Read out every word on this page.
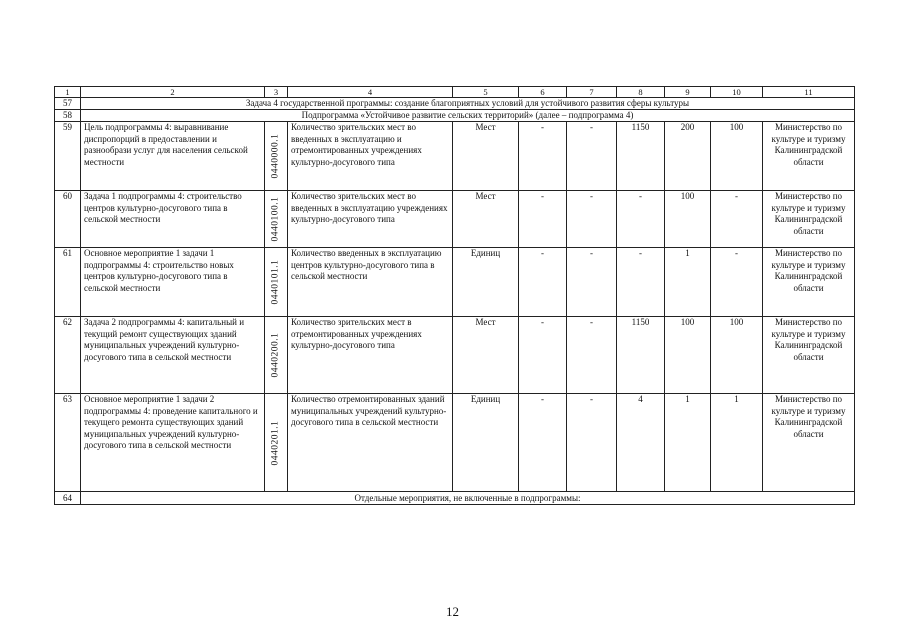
1	2	3	4	5	6	7	8	9	10	11
57	Задача 4 государственной программы: создание благоприятных условий для устойчивого развития сферы культуры									
58	Подпрограмма «Устойчивое развитие сельских территорий» (далее – подпрограмма 4)									
59	Цель подпрограммы 4: выравнивание диспропорций в предоставлении и разнообрази услуг для населения сельской местности	0440000.1	Количество зрительских мест во введенных в эксплуатацию и отремонтированных учреждениях культурно-досугового типа	Мест	-	-	1150	200	100	Министерство по культуре и туризму Калининградской области
60	Задача 1 подпрограммы 4: строительство центров культурно-досугового типа в сельской местности	0440100.1	Количество зрительских мест во введенных в эксплуатацию учреждениях культурно-досугового типа	Мест	-	-	-	100	-	Министерство по культуре и туризму Калининградской области
61	Основное мероприятие 1 задачи 1 подпрограммы 4: строительство новых центров культурно-досугового типа в сельской местности	0440101.1	Количество введенных в эксплуатацию центров культурно-досугового типа в сельской местности	Единиц	-	-	-	1	-	Министерство по культуре и туризму Калининградской области
62	Задача 2 подпрограммы 4: капитальный и текущий ремонт существующих зданий муниципальных учреждений культурно-досугового типа в сельской местности	0440200.1	Количество зрительских мест в отремонтированных учреждениях культурно-досугового типа	Мест	-	-	1150	100	100	Министерство по культуре и туризму Калининградской области
63	Основное мероприятие 1 задачи 2 подпрограммы 4: проведение капитального и текущего ремонта существующих зданий муниципальных учреждений культурно-досугового типа в сельской местности	0440201.1	Количество отремонтированных зданий муниципальных учреждений культурно-досугового типа в сельской местности	Единиц	-	-	4	1	1	Министерство по культуре и туризму Калининградской области
64	Отдельные мероприятия, не включенные в подпрограммы:									
12
